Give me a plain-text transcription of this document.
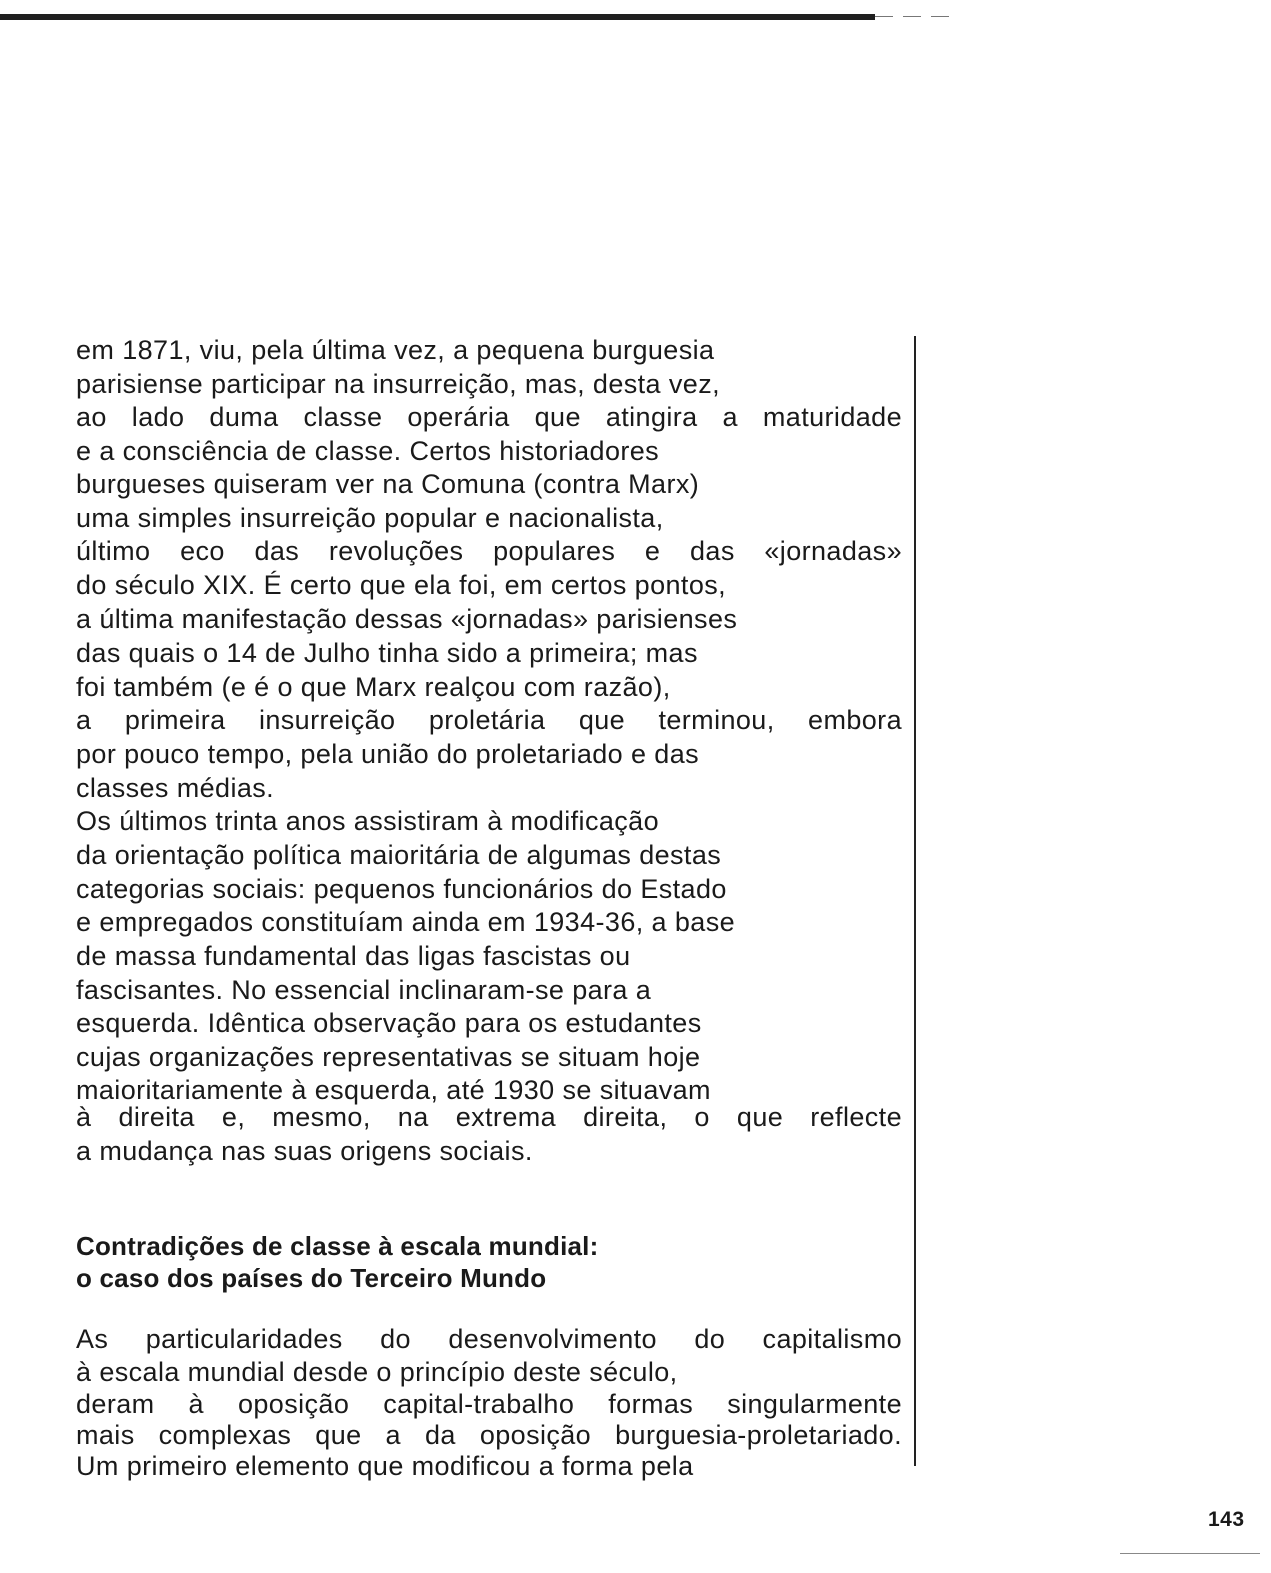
em 1871, viu, pela última vez, a pequena burguesia
parisiense participar na insurreição, mas, desta vez,
ao lado duma classe operária que atingira a maturidade
e a consciência de classe. Certos historiadores
burgueses quiseram ver na Comuna (contra Marx)
uma simples insurreição popular e nacionalista,
último eco das revoluções populares e das «jornadas»
do século XIX. É certo que ela foi, em certos pontos,
a última manifestação dessas «jornadas» parisienses
das quais o 14 de Julho tinha sido a primeira; mas
foi também (e é o que Marx realçou com razão),
a primeira insurreição proletária que terminou, embora
por pouco tempo, pela união do proletariado e das
classes médias.
Os últimos trinta anos assistiram à modificação
da orientação política maioritária de algumas destas
categorias sociais: pequenos funcionários do Estado
e empregados constituíam ainda em 1934-36, a base
de massa fundamental das ligas fascistas ou
fascisantes. No essencial inclinaram-se para a
esquerda. Idêntica observação para os estudantes
cujas organizações representativas se situam hoje
maioritariamente à esquerda, até 1930 se situavam
à direita e, mesmo, na extrema direita, o que reflecte
a mudança nas suas origens sociais.
Contradições de classe à escala mundial:
o caso dos países do Terceiro Mundo
As particularidades do desenvolvimento do capitalismo
à escala mundial desde o princípio deste século,
deram à oposição capital-trabalho formas singularmente
mais complexas que a da oposição burguesia-proletariado.
Um primeiro elemento que modificou a forma pela
143
